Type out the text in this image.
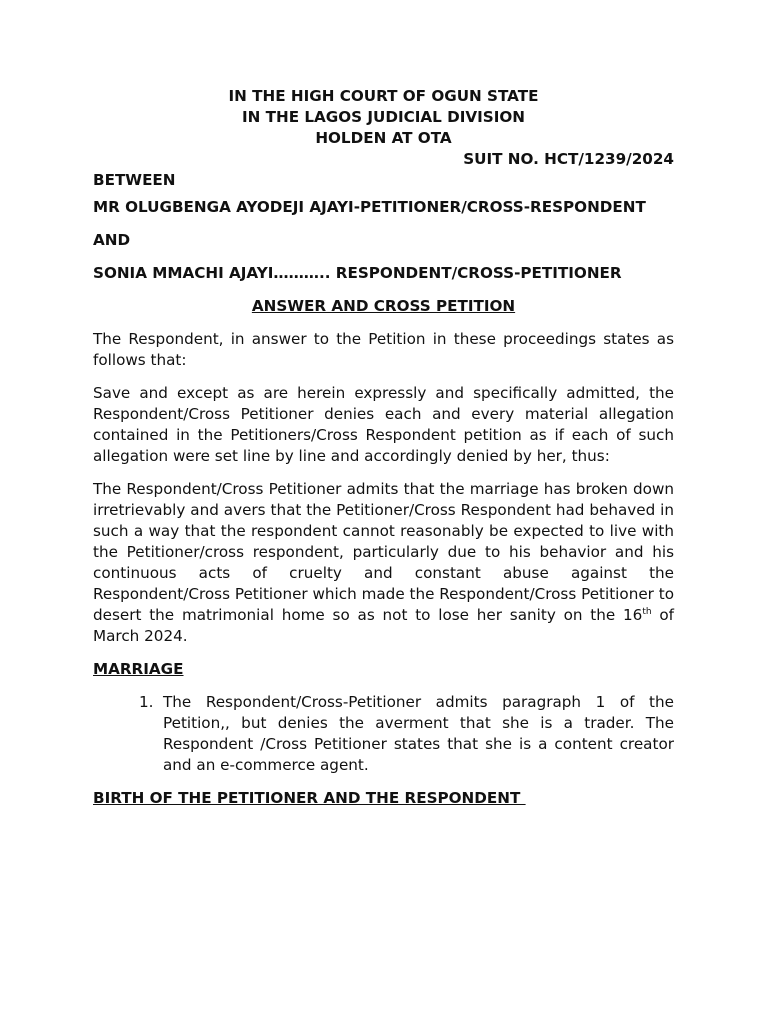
IN THE HIGH COURT OF OGUN STATE
IN THE LAGOS JUDICIAL DIVISION
HOLDEN AT OTA
SUIT NO. HCT/1239/2024
BETWEEN
MR OLUGBENGA AYODEJI AJAYI-PETITIONER/CROSS-RESPONDENT
AND
SONIA MMACHI AJAYI……….. RESPONDENT/CROSS-PETITIONER
ANSWER AND CROSS PETITION

The Respondent, in answer to the Petition in these proceedings states as follows that:

Save and except as are herein expressly and specifically admitted, the Respondent/Cross Petitioner denies each and every material allegation contained in the Petitioners/Cross Respondent petition as if each of such allegation were set line by line and accordingly denied by her, thus:

The Respondent/Cross Petitioner admits that the marriage has broken down irretrievably and avers that the Petitioner/Cross Respondent had behaved in such a way that the respondent cannot reasonably be expected to live with the Petitioner/cross respondent, particularly due to his behavior and his continuous acts of cruelty and constant abuse against the Respondent/Cross Petitioner which made the Respondent/Cross Petitioner to desert the matrimonial home so as not to lose her sanity on the 16th of March 2024.

MARRIAGE
1. The Respondent/Cross-Petitioner admits paragraph 1 of the Petition,, but denies the averment that she is a trader. The Respondent /Cross Petitioner states that she is a content creator and an e-commerce agent.
BIRTH OF THE PETITIONER AND THE RESPONDENT
